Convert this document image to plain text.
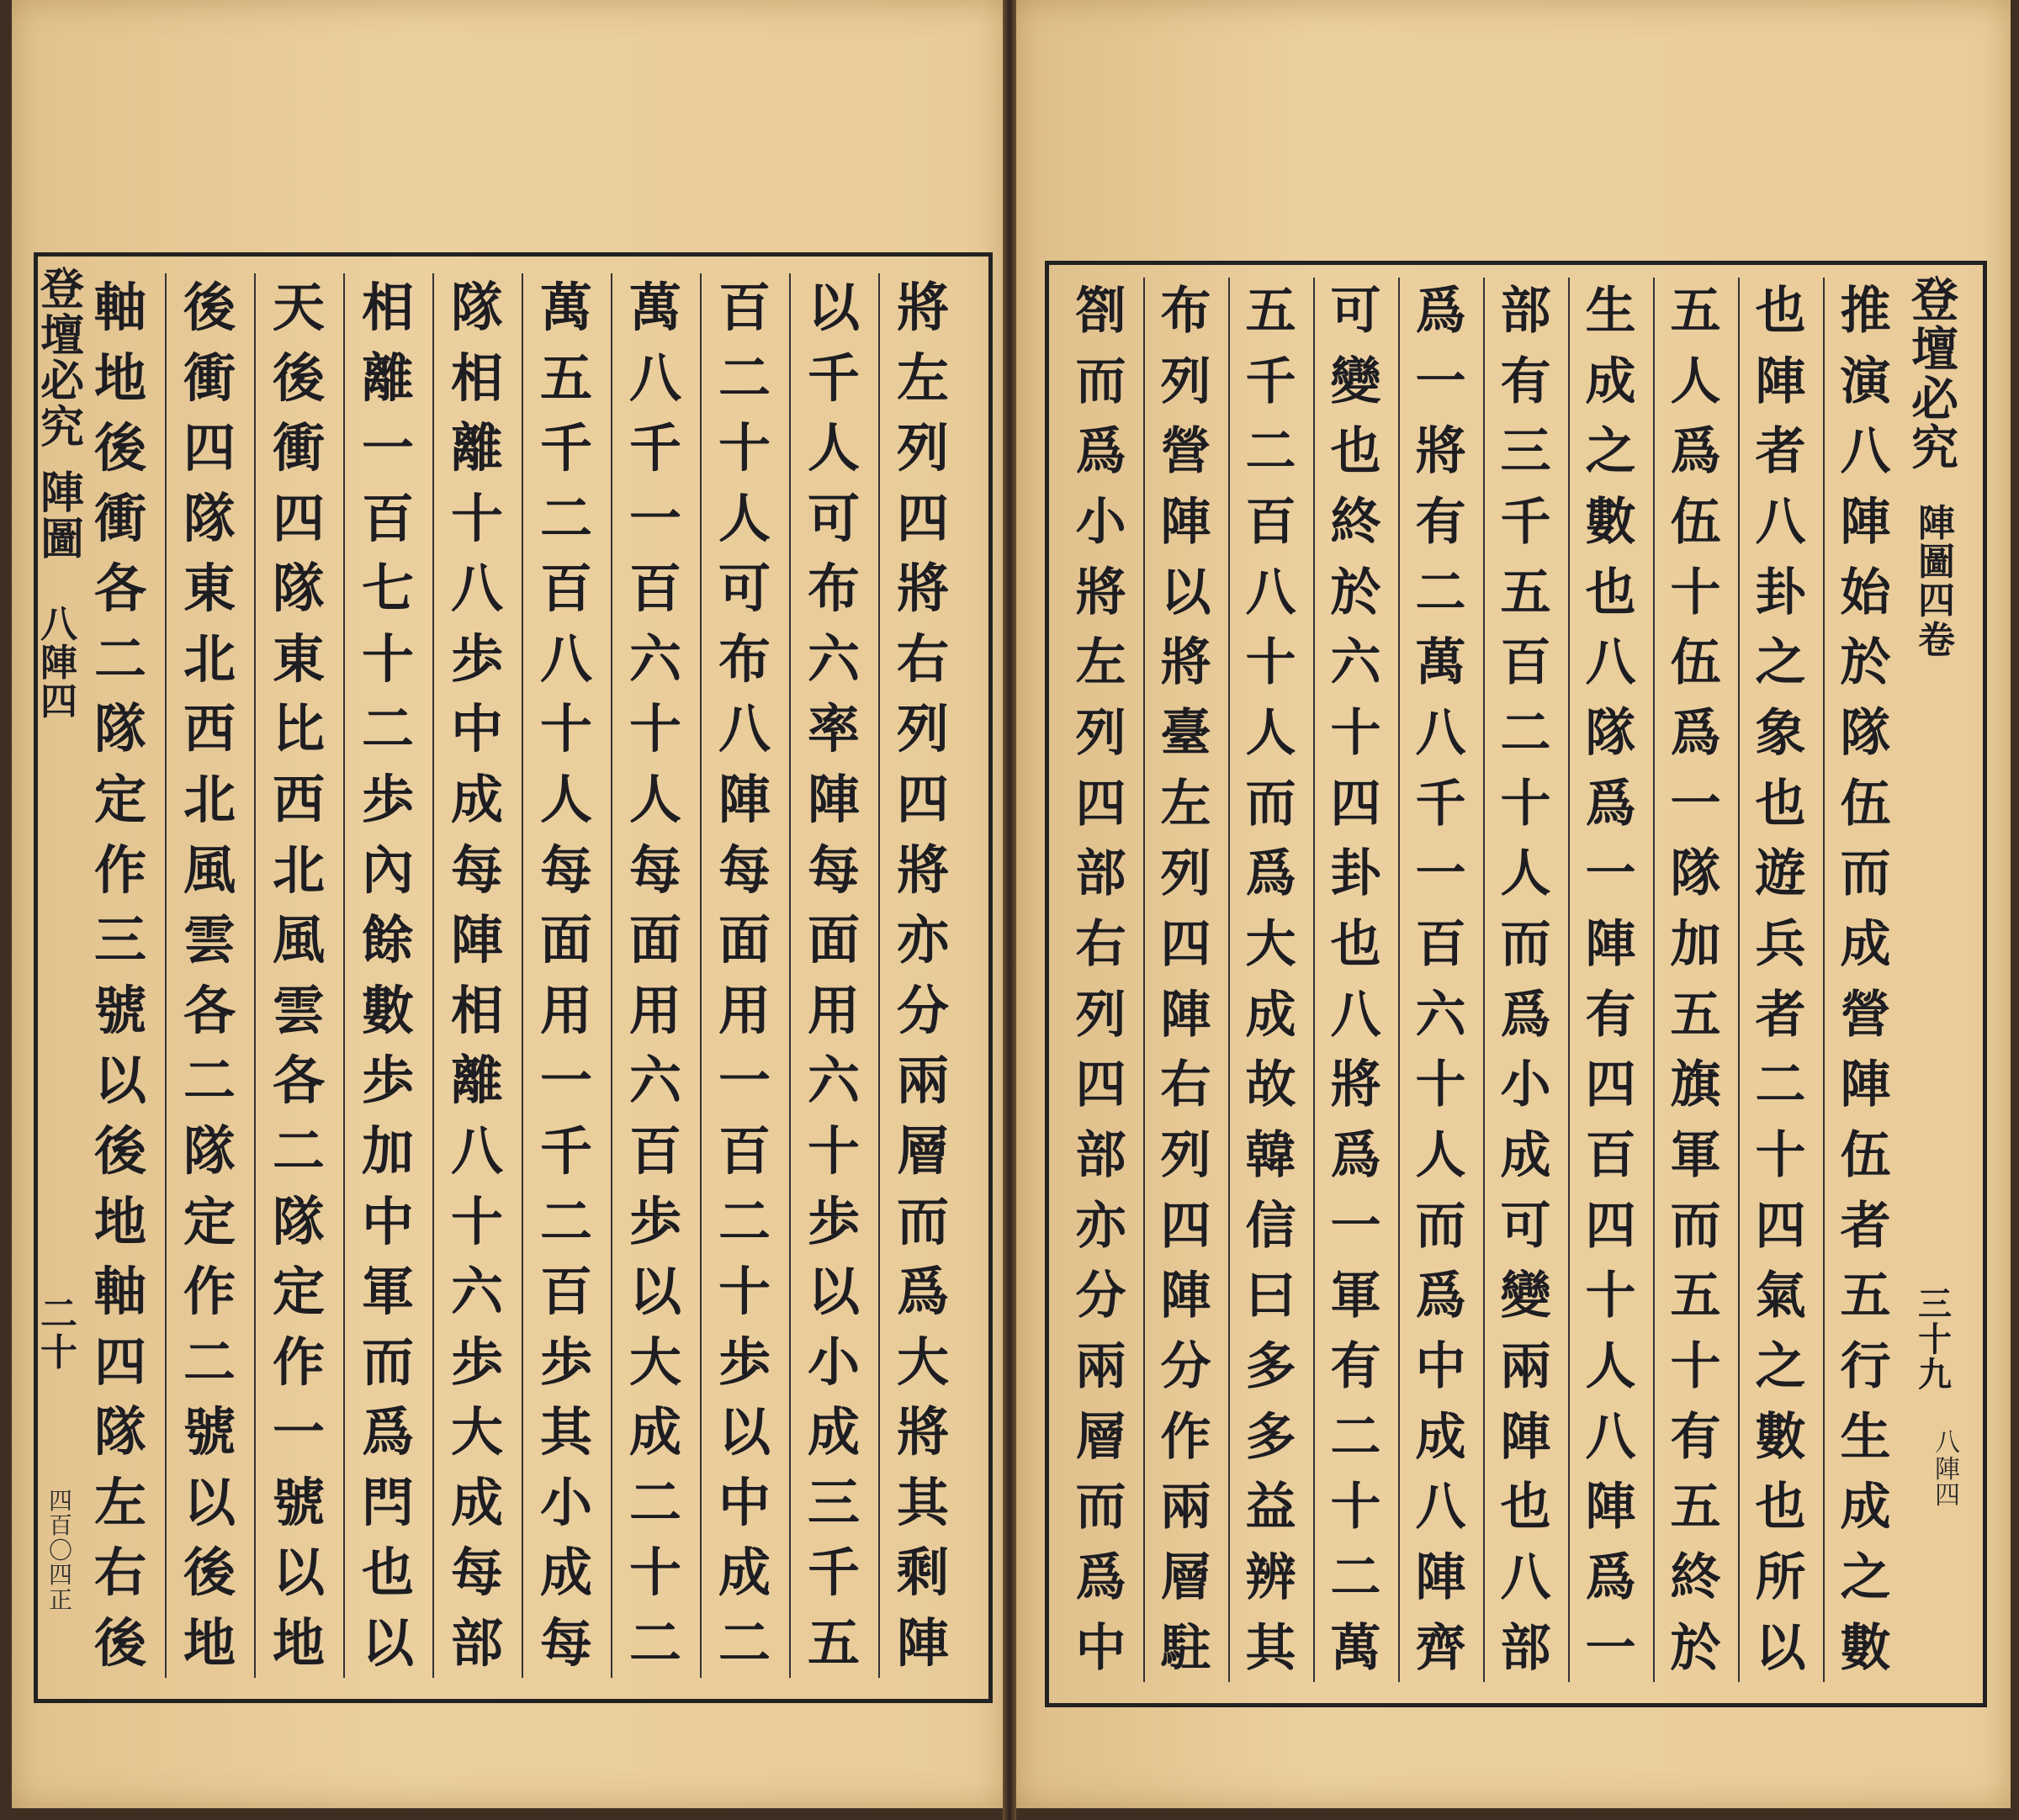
將
左
列
四
將
右
列
四
將
亦
分
兩
層
而
爲
大
將
其
剩
陣
以
千
人
可
布
六
率
陣
每
面
用
六
十
歩
以
小
成
三
千
五
百
二
十
人
可
布
八
陣
每
面
用
一
百
二
十
歩
以
中
成
二
萬
八
千
一
百
六
十
人
每
面
用
六
百
歩
以
大
成
二
十
二
萬
五
千
二
百
八
十
人
每
面
用
一
千
二
百
歩
其
小
成
每
隊
相
離
十
八
歩
中
成
每
陣
相
離
八
十
六
歩
大
成
每
部
相
離
一
百
七
十
二
歩
內
餘
數
歩
加
中
軍
而
爲
閂
也
以
天
後
衝
四
隊
東
比
西
北
風
雲
各
二
隊
定
作
一
號
以
地
後
衝
四
隊
東
北
西
北
風
雲
各
二
隊
定
作
二
號
以
後
地
軸
地
後
衝
各
二
隊
定
作
三
號
以
後
地
軸
四
隊
左
右
後
推
演
八
陣
始
於
隊
伍
而
成
營
陣
伍
者
五
行
生
成
之
數
也
陣
者
八
卦
之
象
也
遊
兵
者
二
十
四
氣
之
數
也
所
以
五
人
爲
伍
十
伍
爲
一
隊
加
五
旗
軍
而
五
十
有
五
終
於
生
成
之
數
也
八
隊
爲
一
陣
有
四
百
四
十
人
八
陣
爲
一
部
有
三
千
五
百
二
十
人
而
爲
小
成
可
變
兩
陣
也
八
部
爲
一
將
有
二
萬
八
千
一
百
六
十
人
而
爲
中
成
八
陣
齊
可
變
也
終
於
六
十
四
卦
也
八
將
爲
一
軍
有
二
十
二
萬
五
千
二
百
八
十
人
而
爲
大
成
故
韓
信
曰
多
多
益
辨
其
布
列
營
陣
以
將
臺
左
列
四
陣
右
列
四
陣
分
作
兩
層
駐
劄
而
爲
小
將
左
列
四
部
右
列
四
部
亦
分
兩
層
而
爲
中
登
壇
必
究
陣
圖
八
陣
四
二
十
四
百
〇
四
正
登
壇
必
究
陣
圖
四
卷
三
十
九
八
陣
四
